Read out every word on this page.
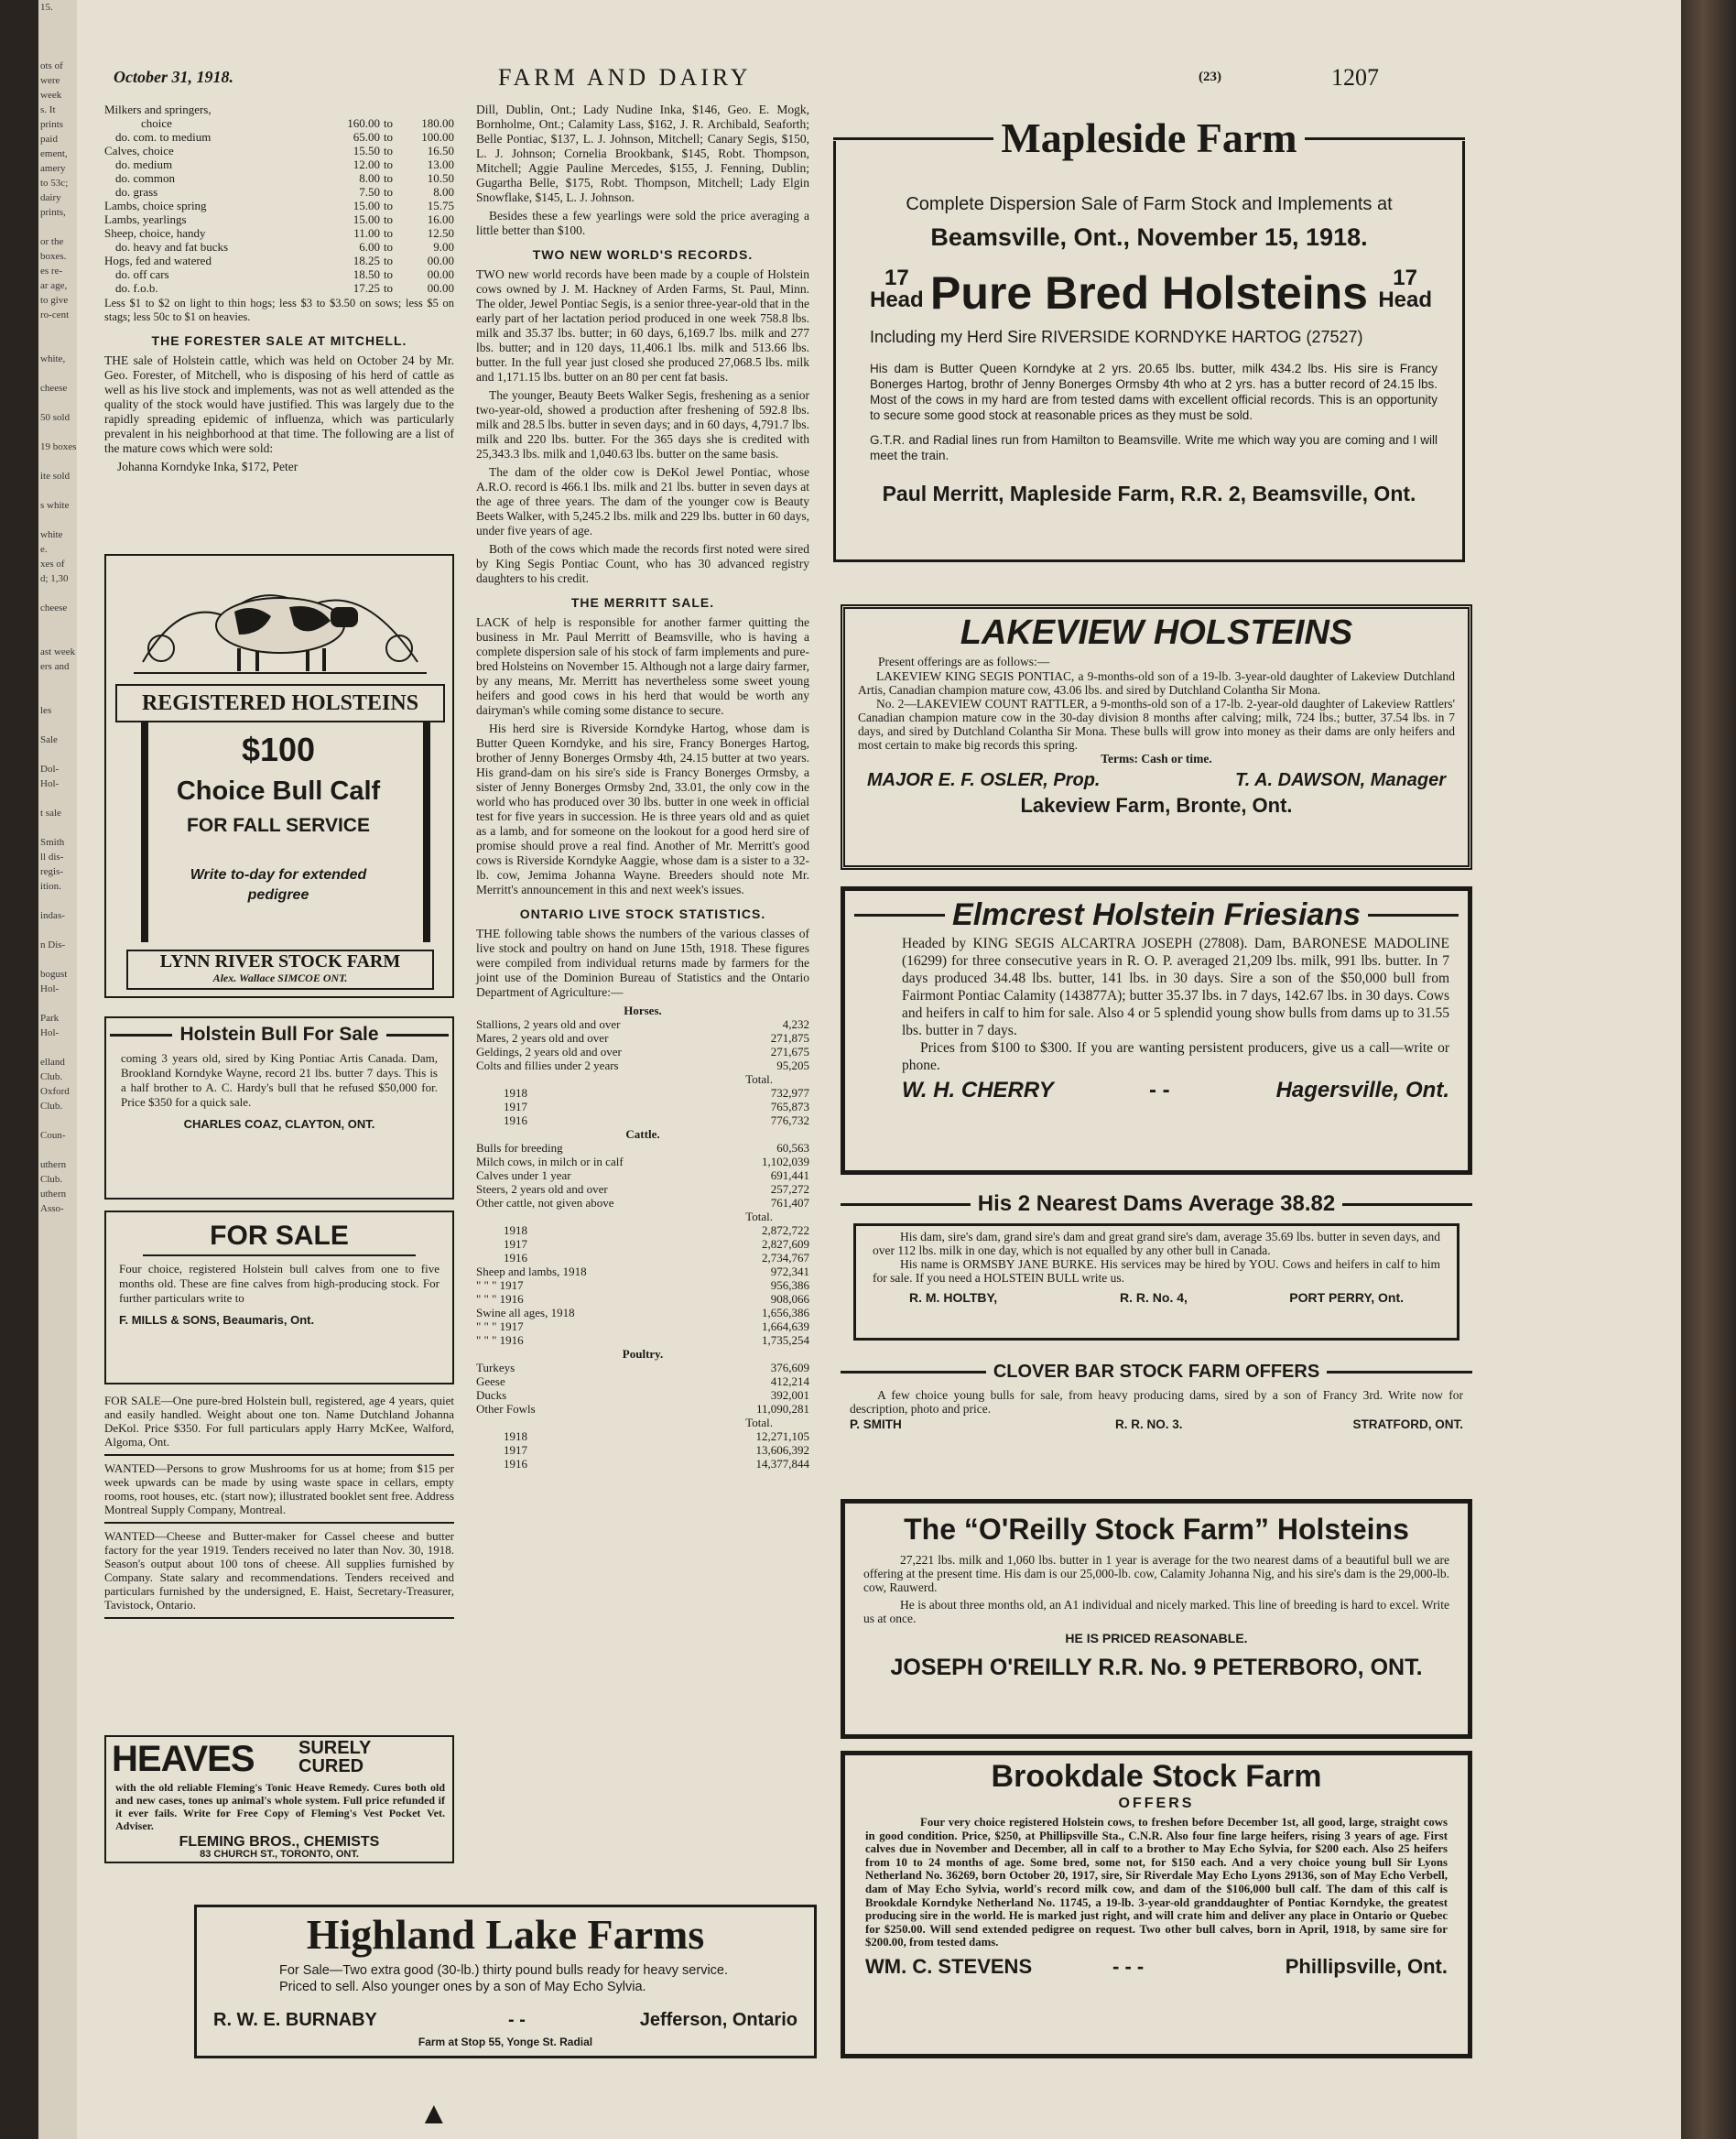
15.

ots of
were
week
s. It
prints
paid
ement,
amery
to 53c;
dairy
prints,

or the
boxes.
es re-
ar age,
to give
ro-cent

white,

cheese

50 sold

19 boxes

ite sold

s white

white
e.
xes of
d; 1,30

cheese

ast week
ers and

les

Sale

Dol-
Hol-

t sale

Smith
ll dis-
regis-
ition.

indas-

n Dis-

bogust
Hol-

Park
Hol-

elland
Club.
Oxford
Club.

Coun-

uthern
Club.
uthern
Asso-
October 31, 1918.	FARM AND DAIRY	(23)	1207
Milkers and springers,			
choice	160.00	to	180.00
do. com. to medium	65.00	to	100.00
Calves, choice	15.50	to	16.50
do. medium	12.00	to	13.00
do. common	8.00	to	10.50
do. grass	7.50	to	8.00
Lambs, choice spring	15.00	to	15.75
Lambs, yearlings	15.00	to	16.00
Sheep, choice, handy	11.00	to	12.50
do. heavy and fat bucks	6.00	to	9.00
Hogs, fed and watered	18.25	to	00.00
do. off cars	18.50	to	00.00
do. f.o.b.	17.25	to	00.00
Less $1 to $2 on light to thin hogs; less $3 to $3.50 on sows; less $5 on stags; less 50c to $1 on heavies.
THE FORESTER SALE AT MITCHELL.

THE sale of Holstein cattle, which was held on October 24 by Mr. Geo. Forester, of Mitchell, who is disposing of his herd of cattle as well as his live stock and implements, was not as well attended as the quality of the stock would have justified. This was largely due to the rapidly spreading epidemic of influenza, which was particularly prevalent in his neighborhood at that time. The following are a list of the mature cows which were sold:

Johanna Korndyke Inka, $172, Peter

REGISTERED HOLSTEINS
$100
Choice Bull Calf
FOR FALL SERVICE
Write to-day for extended pedigree
LYNN RIVER STOCK FARM
Alex. Wallace SIMCOE ONT.
Holstein Bull For Sale
coming 3 years old, sired by King Pontiac Artis Canada. Dam, Brookland Korndyke Wayne, record 21 lbs. butter 7 days. This is a half brother to A. C. Hardy's bull that he refused $50,000 for. Price $350 for a quick sale.
CHARLES COAZ, CLAYTON, ONT.
FOR SALE
Four choice, registered Holstein bull calves from one to five months old. These are fine calves from high-producing stock. For further particulars write to
F. MILLS & SONS, Beaumaris, Ont.
FOR SALE—One pure-bred Holstein bull, registered, age 4 years, quiet and easily handled. Weight about one ton. Name Dutchland Johanna DeKol. Price $350. For full particulars apply Harry McKee, Walford, Algoma, Ont.
WANTED—Persons to grow Mushrooms for us at home; from $15 per week upwards can be made by using waste space in cellars, empty rooms, root houses, etc. (start now); illustrated booklet sent free. Address Montreal Supply Company, Montreal.
WANTED—Cheese and Butter-maker for Cassel cheese and butter factory for the year 1919. Tenders received no later than Nov. 30, 1918. Season's output about 100 tons of cheese. All supplies furnished by Company. State salary and recommendations. Tenders received and particulars furnished by the undersigned, E. Haist, Secretary-Treasurer, Tavistock, Ontario.
HEAVES SURELY
CURED
with the old reliable Fleming's Tonic Heave Remedy. Cures both old and new cases, tones up animal's whole system. Full price refunded if it ever fails. Write for Free Copy of Fleming's Vest Pocket Vet. Adviser.
FLEMING BROS., CHEMISTS
83 CHURCH ST., TORONTO, ONT.

Dill, Dublin, Ont.; Lady Nudine Inka, $146, Geo. E. Mogk, Bornholme, Ont.; Calamity Lass, $162, J. R. Archibald, Seaforth; Belle Pontiac, $137, L. J. Johnson, Mitchell; Canary Segis, $150, L. J. Johnson; Cornelia Brookbank, $145, Robt. Thompson, Mitchell; Aggie Pauline Mercedes, $155, J. Fenning, Dublin; Gugartha Belle, $175, Robt. Thompson, Mitchell; Lady Elgin Snowflake, $145, L. J. Johnson.

Besides these a few yearlings were sold the price averaging a little better than $100.

TWO NEW WORLD'S RECORDS.

TWO new world records have been made by a couple of Holstein cows owned by J. M. Hackney of Arden Farms, St. Paul, Minn. The older, Jewel Pontiac Segis, is a senior three-year-old that in the early part of her lactation period produced in one week 758.8 lbs. milk and 35.37 lbs. butter; in 60 days, 6,169.7 lbs. milk and 277 lbs. butter; and in 120 days, 11,406.1 lbs. milk and 513.66 lbs. butter. In the full year just closed she produced 27,068.5 lbs. milk and 1,171.15 lbs. butter on an 80 per cent fat basis.

The younger, Beauty Beets Walker Segis, freshening as a senior two-year-old, showed a production after freshening of 592.8 lbs. milk and 28.5 lbs. butter in seven days; and in 60 days, 4,791.7 lbs. milk and 220 lbs. butter. For the 365 days she is credited with 25,343.3 lbs. milk and 1,040.63 lbs. butter on the same basis.

The dam of the older cow is DeKol Jewel Pontiac, whose A.R.O. record is 466.1 lbs. milk and 21 lbs. butter in seven days at the age of three years. The dam of the younger cow is Beauty Beets Walker, with 5,245.2 lbs. milk and 229 lbs. butter in 60 days, under five years of age.

Both of the cows which made the records first noted were sired by King Segis Pontiac Count, who has 30 advanced registry daughters to his credit.

THE MERRITT SALE.

LACK of help is responsible for another farmer quitting the business in Mr. Paul Merritt of Beamsville, who is having a complete dispersion sale of his stock of farm implements and pure-bred Holsteins on November 15. Although not a large dairy farmer, by any means, Mr. Merritt has nevertheless some sweet young heifers and good cows in his herd that would be worth any dairyman's while coming some distance to secure.

His herd sire is Riverside Korndyke Hartog, whose dam is Butter Queen Korndyke, and his sire, Francy Bonerges Hartog, brother of Jenny Bonerges Ormsby 4th, 24.15 butter at two years. His grand-dam on his sire's side is Francy Bonerges Ormsby, a sister of Jenny Bonerges Ormsby 2nd, 33.01, the only cow in the world who has produced over 30 lbs. butter in one week in official test for five years in succession. He is three years old and as quiet as a lamb, and for someone on the lookout for a good herd sire of promise should prove a real find. Another of Mr. Merritt's good cows is Riverside Korndyke Aaggie, whose dam is a sister to a 32-lb. cow, Jemima Johanna Wayne. Breeders should note Mr. Merritt's announcement in this and next week's issues.

ONTARIO LIVE STOCK STATISTICS.

THE following table shows the numbers of the various classes of live stock and poultry on hand on June 15th, 1918. These figures were compiled from individual returns made by farmers for the joint use of the Dominion Bureau of Statistics and the Ontario Department of Agriculture:—

Horses.	
Stallions, 2 years old and over	4,232
Mares, 2 years old and over	271,875
Geldings, 2 years old and over	271,675
Colts and fillies under 2 years	95,205
Total.	
1918	732,977
1917	765,873
1916	776,732
Cattle.	
Bulls for breeding	60,563
Milch cows, in milch or in calf	1,102,039
Calves under 1 year	691,441
Steers, 2 years old and over	257,272
Other cattle, not given above	761,407
Total.	
1918	2,872,722
1917	2,827,609
1916	2,734,767
Sheep and lambs, 1918	972,341
" " " 1917	956,386
" " " 1916	908,066
Swine all ages, 1918	1,656,386
" " " 1917	1,664,639
" " " 1916	1,735,254
Poultry.	
Turkeys	376,609
Geese	412,214
Ducks	392,001
Other Fowls	11,090,281
Total.	
1918	12,271,105
1917	13,606,392
1916	14,377,844
Highland Lake Farms
For Sale—Two extra good (30-lb.) thirty pound bulls ready for heavy service. Priced to sell. Also younger ones by a son of May Echo Sylvia.
R. W. E. BURNABY	- -	Jefferson, Ontario
Farm at Stop 55, Yonge St. Radial
Mapleside Farm
Complete Dispersion Sale of Farm Stock and Implements at
Beamsville, Ont., November 15, 1918.
17
Head Pure Bred Holsteins	17
Head
Including my Herd Sire RIVERSIDE KORNDYKE HARTOG (27527)
His dam is Butter Queen Korndyke at 2 yrs. 20.65 lbs. butter, milk 434.2 lbs. His sire is Francy Bonerges Hartog, brothr of Jenny Bonerges Ormsby 4th who at 2 yrs. has a butter record of 24.15 lbs. Most of the cows in my hard are from tested dams with excellent official records. This is an opportunity to secure some good stock at reasonable prices as they must be sold.
G.T.R. and Radial lines run from Hamilton to Beamsville. Write me which way you are coming and I will meet the train.
Paul Merritt, Mapleside Farm, R.R. 2, Beamsville, Ont.
LAKEVIEW HOLSTEINS
Present offerings are as follows:—
LAKEVIEW KING SEGIS PONTIAC, a 9-months-old son of a 19-lb. 3-year-old daughter of Lakeview Dutchland Artis, Canadian champion mature cow, 43.06 lbs. and sired by Dutchland Colantha Sir Mona.
No. 2—LAKEVIEW COUNT RATTLER, a 9-months-old son of a 17-lb. 2-year-old daughter of Lakeview Rattlers' Canadian champion mature cow in the 30-day division 8 months after calving; milk, 724 lbs.; butter, 37.54 lbs. in 7 days, and sired by Dutchland Colantha Sir Mona. These bulls will grow into money as their dams are only heifers and most certain to make big records this spring.
Terms: Cash or time.
MAJOR E. F. OSLER, Prop.	T. A. DAWSON, Manager
Lakeview Farm, Bronte, Ont.
Elmcrest Holstein Friesians
Headed by KING SEGIS ALCARTRA JOSEPH (27808). Dam, BARONESE MADOLINE (16299) for three consecutive years in R. O. P. averaged 21,209 lbs. milk, 991 lbs. butter. In 7 days produced 34.48 lbs. butter, 141 lbs. in 30 days. Sire a son of the $50,000 bull from Fairmont Pontiac Calamity (143877A); butter 35.37 lbs. in 7 days, 142.67 lbs. in 30 days. Cows and heifers in calf to him for sale. Also 4 or 5 splendid young show bulls from dams up to 31.55 lbs. butter in 7 days.
Prices from $100 to $300. If you are wanting persistent producers, give us a call—write or phone.
W. H. CHERRY	- -	Hagersville, Ont.
His 2 Nearest Dams Average 38.82
His dam, sire's dam, grand sire's dam and great grand sire's dam, average 35.69 lbs. butter in seven days, and over 112 lbs. milk in one day, which is not equalled by any other bull in Canada.
His name is ORMSBY JANE BURKE. His services may be hired by YOU. Cows and heifers in calf to him for sale. If you need a HOLSTEIN BULL write us.
R. M. HOLTBY,	R. R. No. 4,	PORT PERRY, Ont.
CLOVER BAR STOCK FARM OFFERS
A few choice young bulls for sale, from heavy producing dams, sired by a son of Francy 3rd. Write now for description, photo and price.
P. SMITH	R. R. NO. 3.	STRATFORD, ONT.
The “O'Reilly Stock Farm” Holsteins
27,221 lbs. milk and 1,060 lbs. butter in 1 year is average for the two nearest dams of a beautiful bull we are offering at the present time. His dam is our 25,000-lb. cow, Calamity Johanna Nig, and his sire's dam is the 29,000-lb. cow, Rauwerd.
He is about three months old, an A1 individual and nicely marked. This line of breeding is hard to excel. Write us at once.
HE IS PRICED REASONABLE.
JOSEPH O'REILLY R.R. No. 9 PETERBORO, ONT.
Brookdale Stock Farm
OFFERS
Four very choice registered Holstein cows, to freshen before December 1st, all good, large, straight cows in good condition. Price, $250, at Phillipsville Sta., C.N.R. Also four fine large heifers, rising 3 years of age. First calves due in November and December, all in calf to a brother to May Echo Sylvia, for $200 each. Also 25 heifers from 10 to 24 months of age. Some bred, some not, for $150 each. And a very choice young bull Sir Lyons Netherland No. 36269, born October 20, 1917, sire, Sir Riverdale May Echo Lyons 29136, son of May Echo Verbell, dam of May Echo Sylvia, world's record milk cow, and dam of the $106,000 bull calf. The dam of this calf is Brookdale Korndyke Netherland No. 11745, a 19-lb. 3-year-old granddaughter of Pontiac Korndyke, the greatest producing sire in the world. He is marked just right, and will crate him and deliver any place in Ontario or Quebec for $250.00. Will send extended pedigree on request. Two other bull calves, born in April, 1918, by same sire for $200.00, from tested dams.
WM. C. STEVENS	- - -	Phillipsville, Ont.
▲
